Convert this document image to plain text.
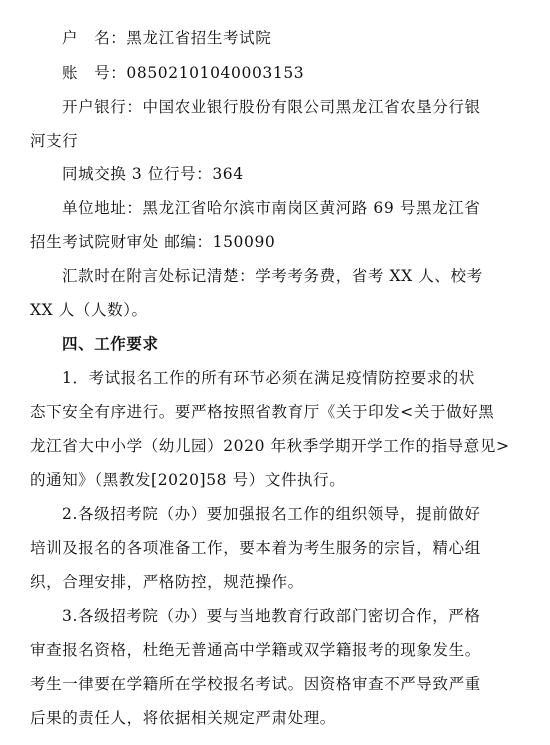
户　名：黑龙江省招生考试院
账　号：08502101040003153
开户银行：中国农业银行股份有限公司黑龙江省农垦分行银
河支行
同城交换 3 位行号：364
单位地址：黑龙江省哈尔滨市南岗区黄河路 69 号黑龙江省
招生考试院财审处 邮编：150090
汇款时在附言处标记清楚：学考考务费，省考 XX 人、校考
XX 人（人数）。
四、工作要求
1．考试报名工作的所有环节必须在满足疫情防控要求的状
态下安全有序进行。要严格按照省教育厅《关于印发<关于做好黑
龙江省大中小学（幼儿园）2020 年秋季学期开学工作的指导意见>
的通知》（黑教发[2020]58 号）文件执行。
2.各级招考院（办）要加强报名工作的组织领导，提前做好
培训及报名的各项准备工作，要本着为考生服务的宗旨，精心组
织，合理安排，严格防控，规范操作。
3.各级招考院（办）要与当地教育行政部门密切合作，严格
审查报名资格，杜绝无普通高中学籍或双学籍报考的现象发生。
考生一律要在学籍所在学校报名考试。因资格审查不严导致严重
后果的责任人，将依据相关规定严肃处理。
